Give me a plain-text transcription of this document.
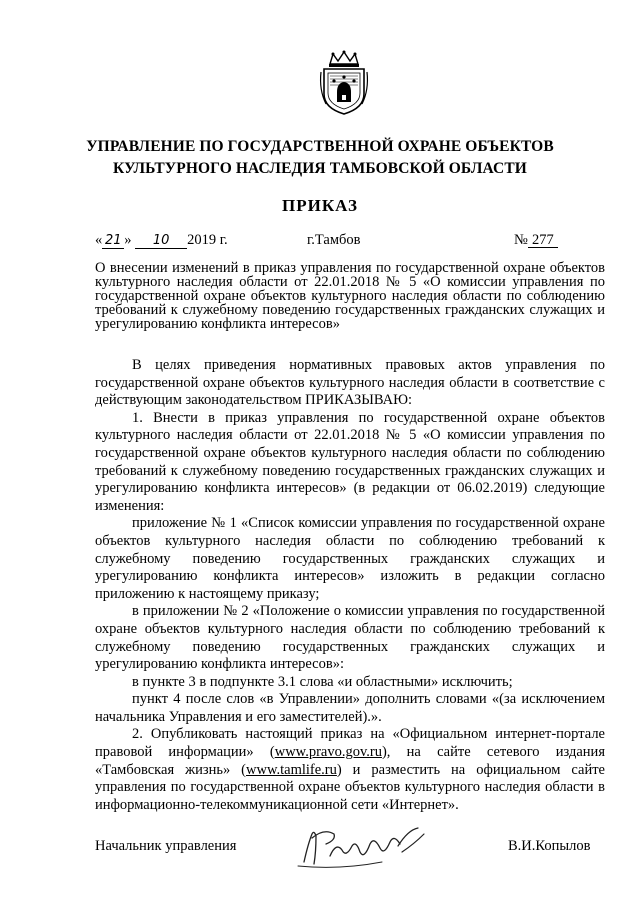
УПРАВЛЕНИЕ ПО ГОСУДАРСТВЕННОЙ ОХРАНЕ ОБЪЕКТОВ
КУЛЬТУРНОГО НАСЛЕДИЯ ТАМБОВСКОЙ ОБЛАСТИ
ПРИКАЗ
« 21 » 10 2019 г.	г.Тамбов	№ 277
О внесении изменений в приказ управления по государственной охране объектов культурного наследия области от 22.01.2018 № 5 «О комиссии управления по государственной охране объектов культурного наследия области по соблюдению требований к служебному поведению государственных гражданских служащих и урегулированию конфликта интересов»

В целях приведения нормативных правовых актов управления по государственной охране объектов культурного наследия области в соответствие с действующим законодательством ПРИКАЗЫВАЮ:

1. Внести в приказ управления по государственной охране объектов культурного наследия области от 22.01.2018 № 5 «О комиссии управления по государственной охране объектов культурного наследия области по соблюдению требований к служебному поведению государственных гражданских служащих и урегулированию конфликта интересов» (в редакции от 06.02.2019) следующие изменения:

приложение № 1 «Список комиссии управления по государственной охране объектов культурного наследия области по соблюдению требований к служебному поведению государственных гражданских служащих и урегулированию конфликта интересов» изложить в редакции согласно приложению к настоящему приказу;

в приложении № 2 «Положение о комиссии управления по государственной охране объектов культурного наследия области по соблюдению требований к служебному поведению государственных гражданских служащих и урегулированию конфликта интересов»:

в пункте 3 в подпункте 3.1 слова «и областными» исключить;

пункт 4 после слов «в Управлении» дополнить словами «(за исключением начальника Управления и его заместителей).».

2. Опубликовать настоящий приказ на «Официальном интернет-портале правовой информации» (www.pravo.gov.ru), на сайте сетевого издания «Тамбовская жизнь» (www.tamlife.ru) и разместить на официальном сайте управления по государственной охране объектов культурного наследия области в информационно-телекоммуникационной сети «Интернет».

Начальник управления	В.И.Копылов
